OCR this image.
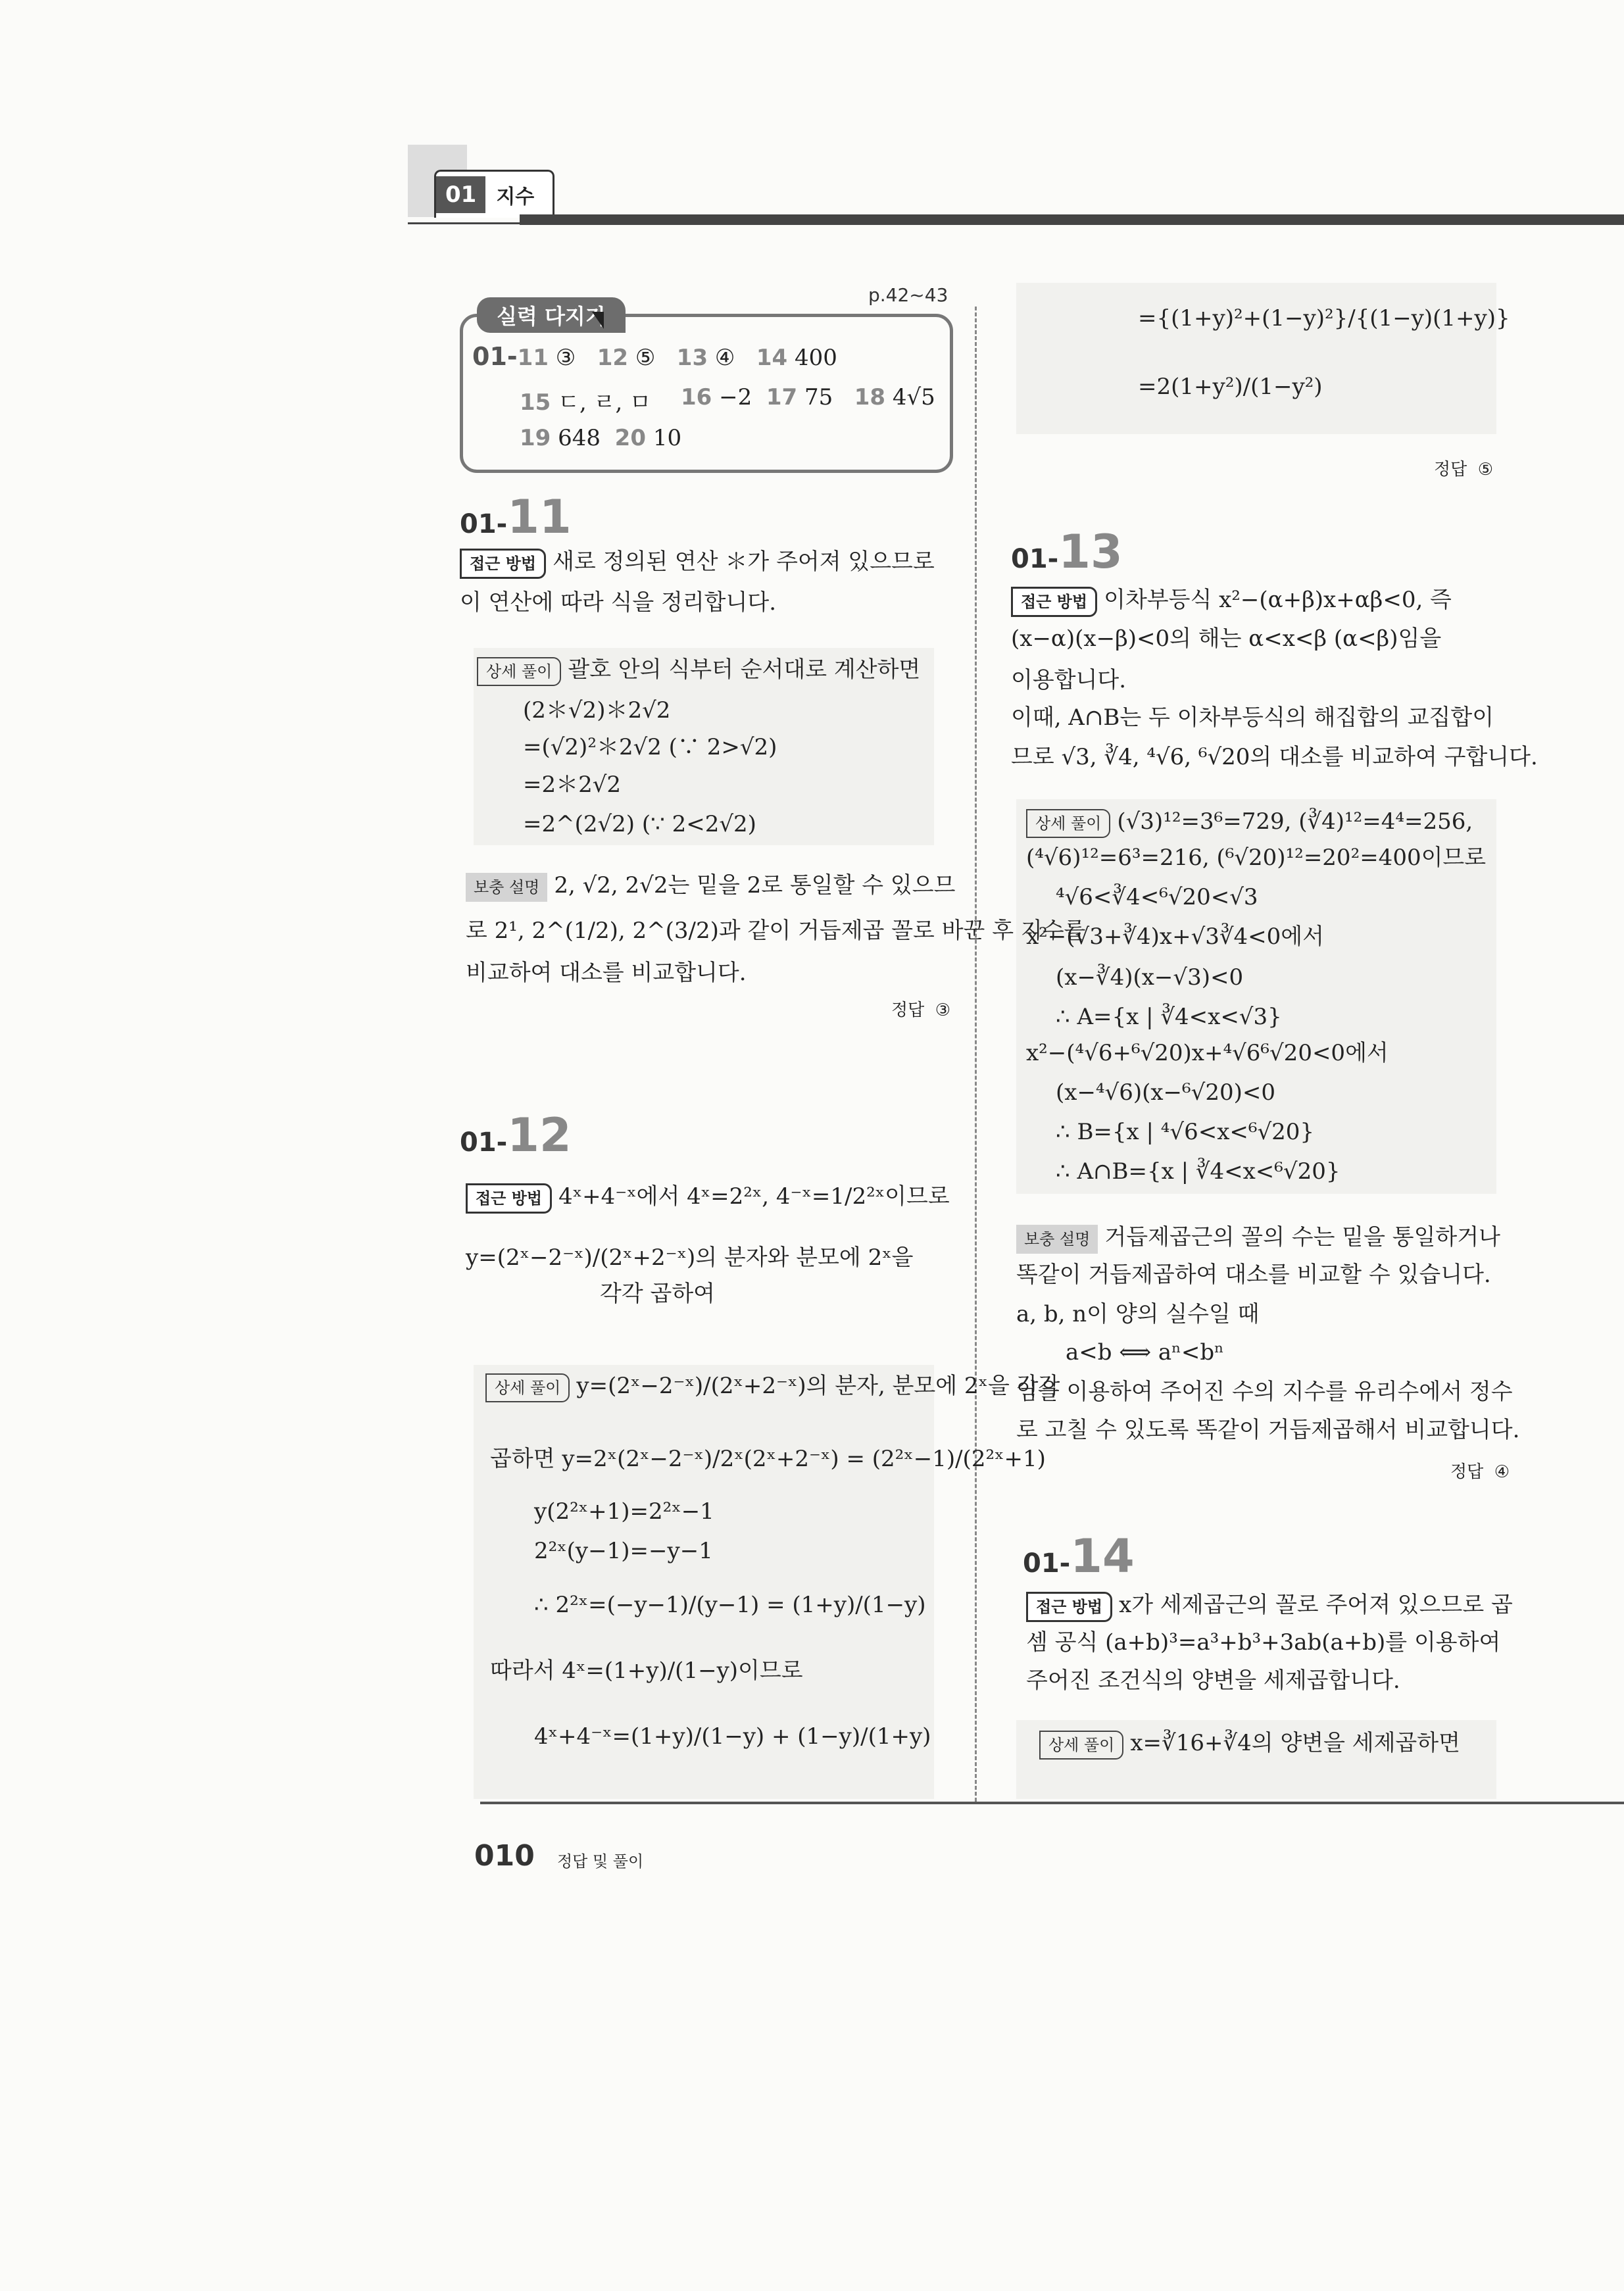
01	지수
p.42~43
실력 다지기
01-11 ③ 12 ⑤ 13 ④ 14 400
15 ㄷ, ㄹ, ㅁ 16 −2 17 75 18 4√5
19 648 20 10
01-11
접근 방법 새로 정의된 연산 ＊가 주어져 있으므로
이 연산에 따라 식을 정리합니다.
상세 풀이 괄호 안의 식부터 순서대로 계산하면
(2＊√2)＊2√2
=(√2)²＊2√2 (∵ 2>√2)
=2＊2√2
=2^(2√2) (∵ 2<2√2)
보충 설명 2, √2, 2√2는 밑을 2로 통일할 수 있으므
로 2¹, 2^(1/2), 2^(3/2)과 같이 거듭제곱 꼴로 바꾼 후 지수를
비교하여 대소를 비교합니다.
정답 ③
01-12
접근 방법 4ˣ+4⁻ˣ에서 4ˣ=2²ˣ, 4⁻ˣ=1/2²ˣ이므로
y=(2ˣ−2⁻ˣ)/(2ˣ+2⁻ˣ)의 분자와 분모에 2ˣ을
각각 곱하여
상세 풀이 y=(2ˣ−2⁻ˣ)/(2ˣ+2⁻ˣ)의 분자, 분모에 2ˣ을 각각
곱하면 y=2ˣ(2ˣ−2⁻ˣ)/2ˣ(2ˣ+2⁻ˣ) = (2²ˣ−1)/(2²ˣ+1)
y(2²ˣ+1)=2²ˣ−1
2²ˣ(y−1)=−y−1
∴ 2²ˣ=(−y−1)/(y−1) = (1+y)/(1−y)
따라서 4ˣ=(1+y)/(1−y)이므로
4ˣ+4⁻ˣ=(1+y)/(1−y) + (1−y)/(1+y)
={(1+y)²+(1−y)²}/{(1−y)(1+y)}
=2(1+y²)/(1−y²)
정답 ⑤
01-13
접근 방법 이차부등식 x²−(α+β)x+αβ<0, 즉
(x−α)(x−β)<0의 해는 α<x<β (α<β)임을
이용합니다.
이때, A∩B는 두 이차부등식의 해집합의 교집합이
므로 √3, ∛4, ⁴√6, ⁶√20의 대소를 비교하여 구합니다.
상세 풀이 (√3)¹²=3⁶=729, (∛4)¹²=4⁴=256,
(⁴√6)¹²=6³=216, (⁶√20)¹²=20²=400이므로
⁴√6<∛4<⁶√20<√3
x²−(√3+∛4)x+√3∛4<0에서
(x−∛4)(x−√3)<0
∴ A={x | ∛4<x<√3}
x²−(⁴√6+⁶√20)x+⁴√6⁶√20<0에서
(x−⁴√6)(x−⁶√20)<0
∴ B={x | ⁴√6<x<⁶√20}
∴ A∩B={x | ∛4<x<⁶√20}
보충 설명 거듭제곱근의 꼴의 수는 밑을 통일하거나
똑같이 거듭제곱하여 대소를 비교할 수 있습니다.
a, b, n이 양의 실수일 때
a<b ⟺ aⁿ<bⁿ
임을 이용하여 주어진 수의 지수를 유리수에서 정수
로 고칠 수 있도록 똑같이 거듭제곱해서 비교합니다.
정답 ④
01-14
접근 방법 x가 세제곱근의 꼴로 주어져 있으므로 곱
셈 공식 (a+b)³=a³+b³+3ab(a+b)를 이용하여
주어진 조건식의 양변을 세제곱합니다.
상세 풀이 x=∛16+∛4의 양변을 세제곱하면
010 정답 및 풀이
